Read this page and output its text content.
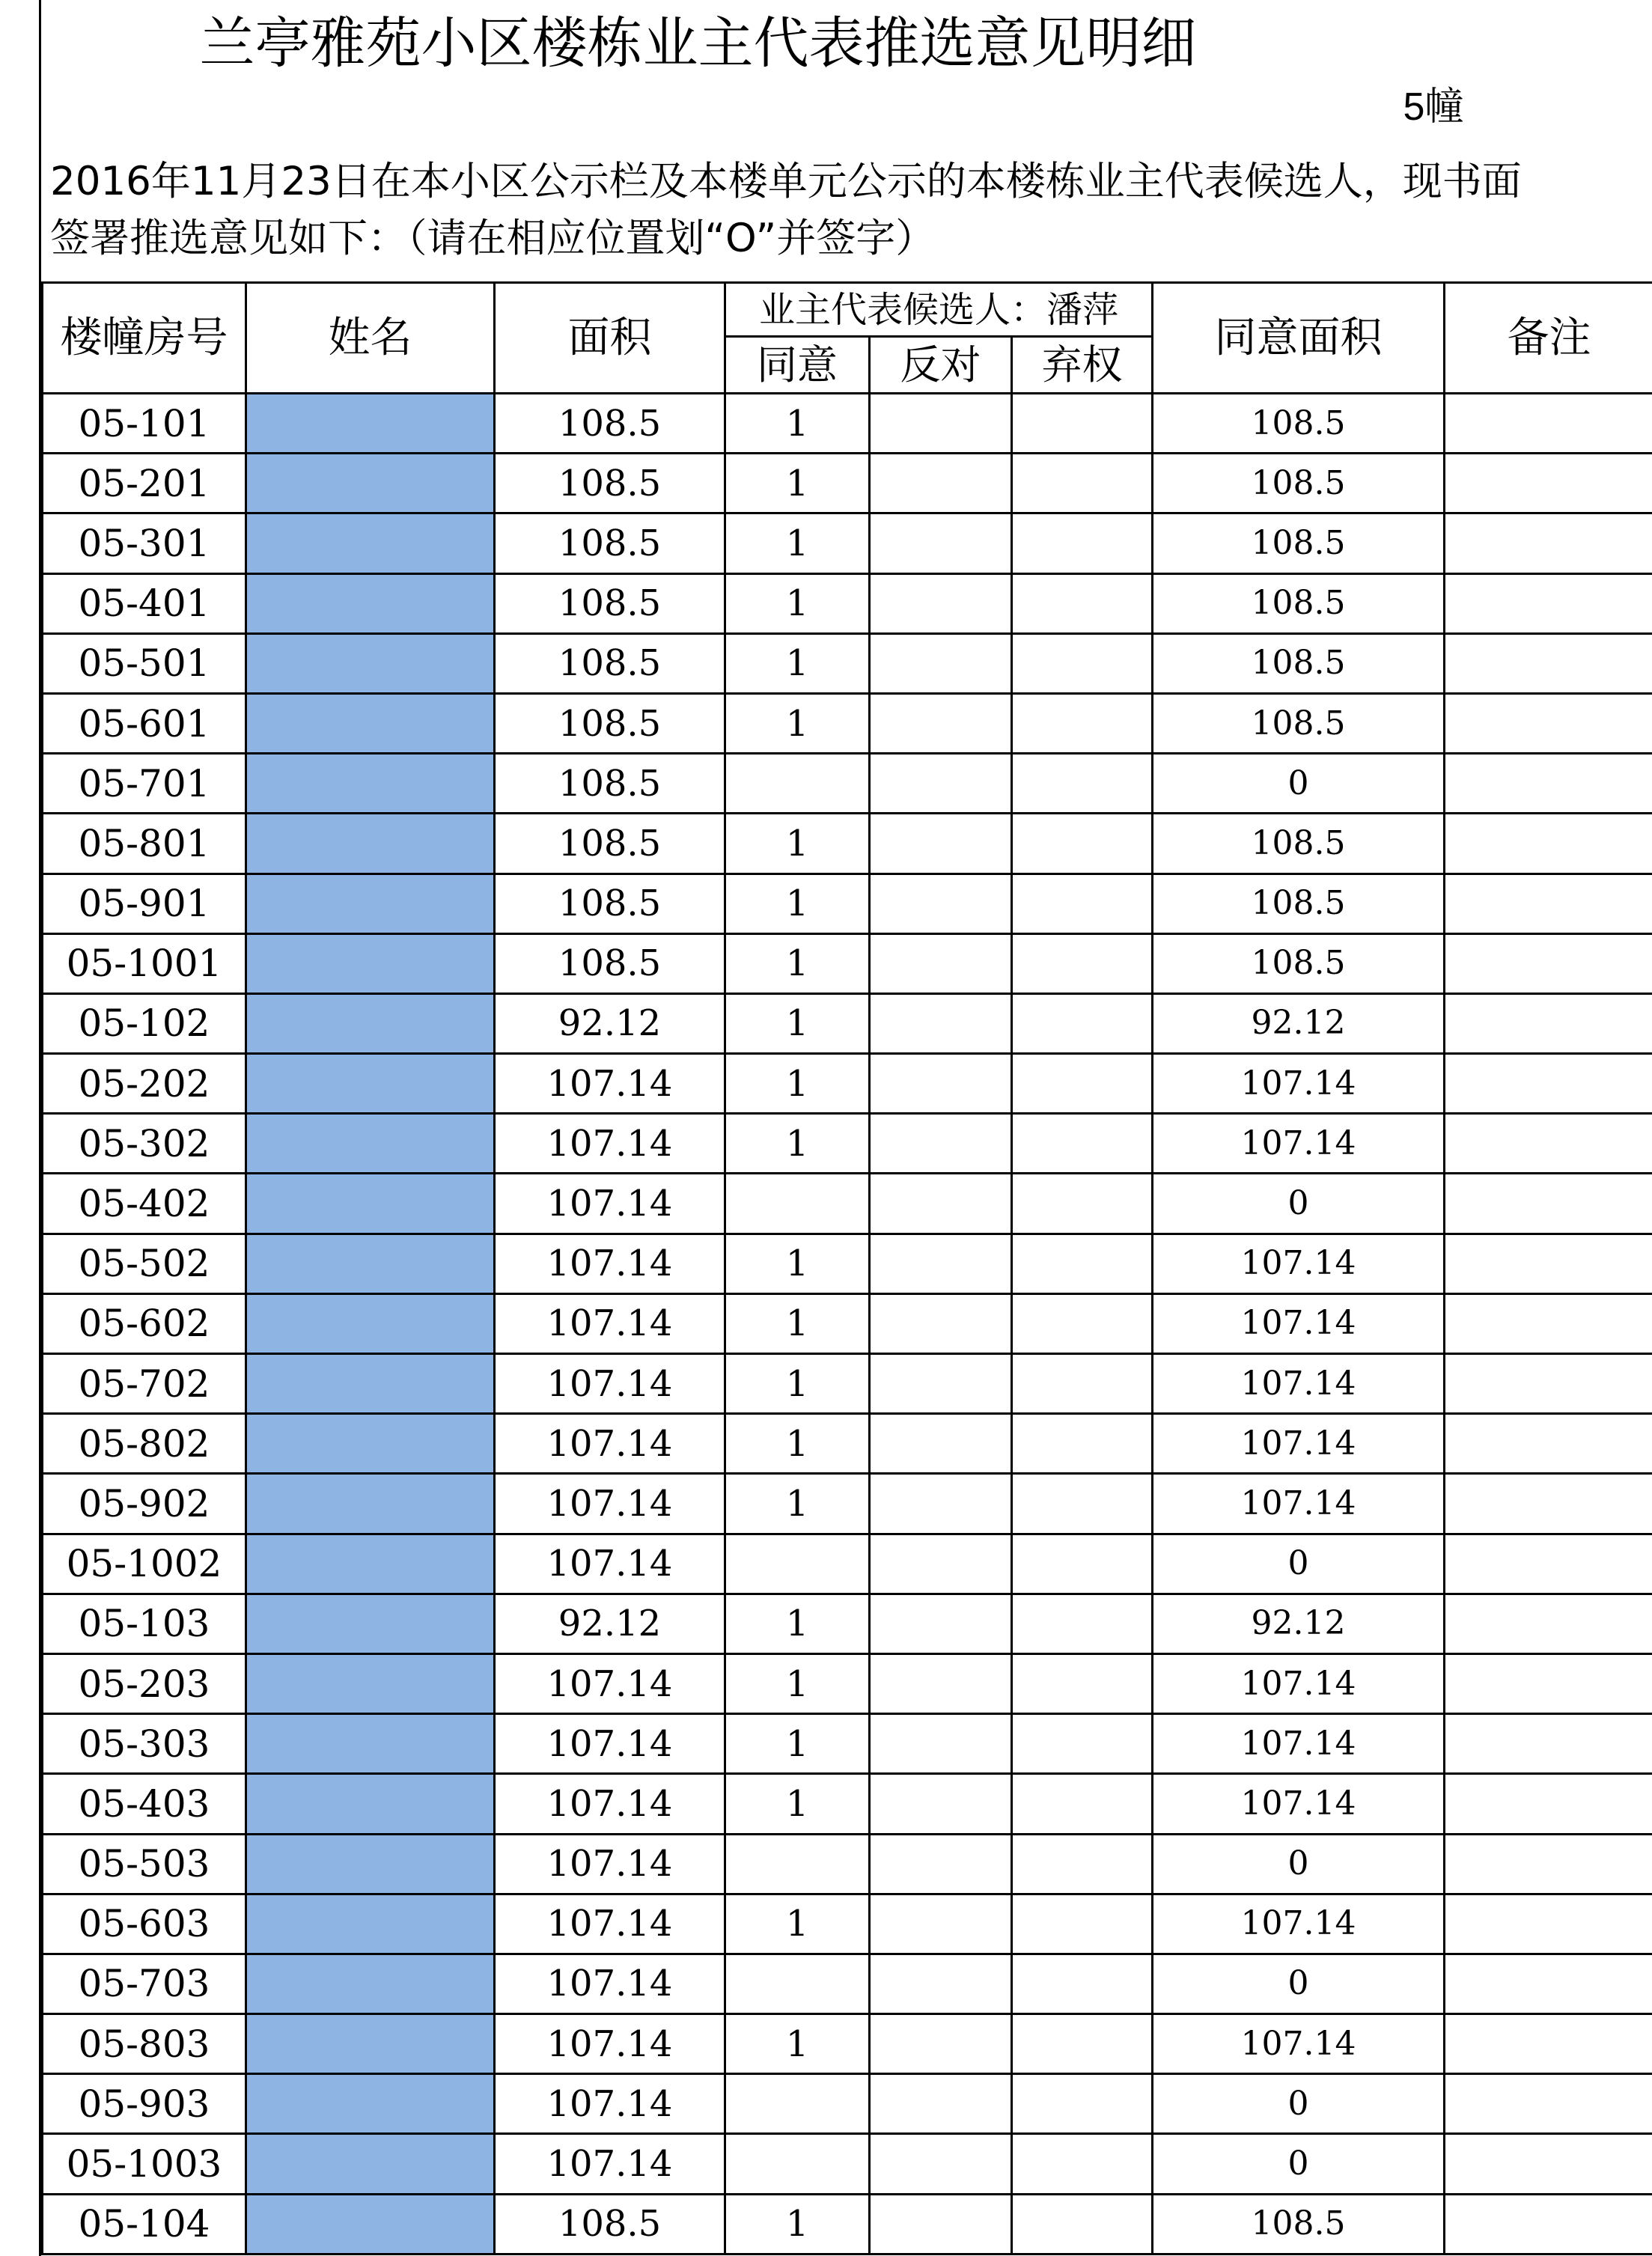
兰亭雅苑小区楼栋业主代表推选意见明细
5幢
2016年11月23日在本小区公示栏及本楼单元公示的本楼栋业主代表候选人，现书面
签署推选意见如下：（请在相应位置划“O”并签字）
楼幢房号	姓名	面积	业主代表候选人：潘萍			同意面积	备注
			同意	反对	弃权		
05-101		108.5	1			108.5	
05-201		108.5	1			108.5	
05-301		108.5	1			108.5	
05-401		108.5	1			108.5	
05-501		108.5	1			108.5	
05-601		108.5	1			108.5	
05-701		108.5				0	
05-801		108.5	1			108.5	
05-901		108.5	1			108.5	
05-1001		108.5	1			108.5	
05-102		92.12	1			92.12	
05-202		107.14	1			107.14	
05-302		107.14	1			107.14	
05-402		107.14				0	
05-502		107.14	1			107.14	
05-602		107.14	1			107.14	
05-702		107.14	1			107.14	
05-802		107.14	1			107.14	
05-902		107.14	1			107.14	
05-1002		107.14				0	
05-103		92.12	1			92.12	
05-203		107.14	1			107.14	
05-303		107.14	1			107.14	
05-403		107.14	1			107.14	
05-503		107.14				0	
05-603		107.14	1			107.14	
05-703		107.14				0	
05-803		107.14	1			107.14	
05-903		107.14				0	
05-1003		107.14				0	
05-104		108.5	1			108.5	
